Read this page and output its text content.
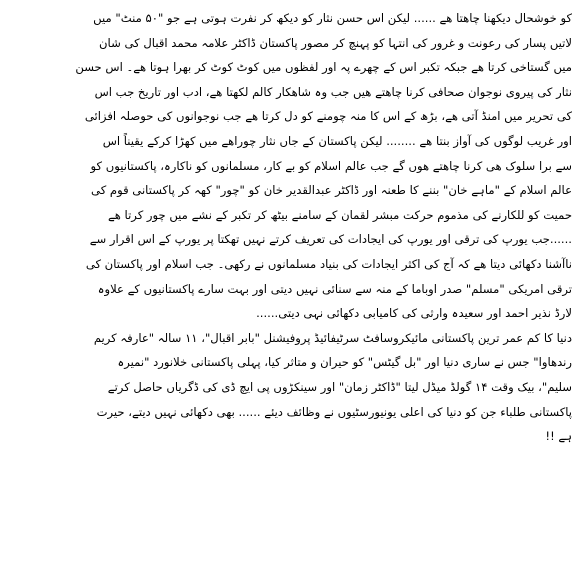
کو خوشحال دیکھنا چاھتا ھے ...... لیکن اس حسن نثار کو دیکھ کر نفرت ہوتی ہے جو "۵۰ منٹ" میں
لاتیں پسار کی رعونت و غرور کی انتہا کو پہنچ کر مصور پاکستان ڈاکٹر علامہ محمد اقبال کی شان
میں گستاخی کرتا ھے جبکہ تکبر اس کے چھرے پہ اور لفظوں میں کوٹ کوٹ کر بھرا ہوتا ھے۔ اس حسن
نثار کی پیروی نوجوان صحافی کرنا چاھتے ھیں جب وہ شاھکار کالم لکھتا ھے، ادب اور تاریخ جب اس
کی تحریر میں امنڈ آتی ھے، بڑھ کے اس کا منہ چومنے کو دل کرتا ھے جب نوجوانوں کی حوصلہ افزائی
اور غریب لوگوں کی آواز بنتا ھے ........ لیکن پاکستان کے جاں نثار چوراھے میں کھڑا کرکے یقیناً اس
سے برا سلوک ھی کرنا چاھتے ھوں گے جب عالم اسلام کو بے کار، مسلمانوں کو ناکارہ، پاکستانیوں کو
عالم اسلام کے "ماہے خان" بننے کا طعنہ اور ڈاکٹر عبدالقدیر خان کو "چور" کھہ کر پاکستانی قوم کی
حمیت کو للکارنے کی مذموم حرکت مبشر لقمان کے سامنے بیٹھ کر تکبر کے نشے میں چور کرتا ھے
......جب یورپ کی ترقی اور یورپ کی ایجادات کی تعریف کرتے نہیں تھکتا پر یورپ کے اس اقرار سے
ناآشنا دکھائی دیتا ھے کہ آج کی اکثر ایجادات کی بنیاد مسلمانوں نے رکھی۔ جب اسلام اور پاکستان کی
ترقی امریکی "مسلم" صدر اوباما کے منہ سے سنائی نہیں دیتی اور بہت سارے پاکستانیوں کے علاوہ
لارڈ نذیر احمد اور سعیدہ وارثی کی کامیابی دکھائی نہی دیتی......
دنیا کا کم عمر ترین پاکستانی مائیکروسافٹ سرٹیفائیڈ پروفیشنل "بابر اقبال"، ۱۱ سالہ "عارفہ کریم
رندھاوا" جس نے ساری دنیا اور "بل گیٹس" کو حیران و متاثر کیا، پہلی پاکستانی خلانورد "نمیرہ
سلیم"، بیک وقت ۱۴ گولڈ میڈل لیتا "ڈاکٹر زمان" اور سینکڑوں پی ایچ ڈی کی ڈگریاں حاصل کرتے
پاکستانی طلباء جن کو دنیا کی اعلی یونیورسٹیوں نے وظائف دیئے ...... بھی دکھائی نہیں دیتے، حیرت
ہے !!
